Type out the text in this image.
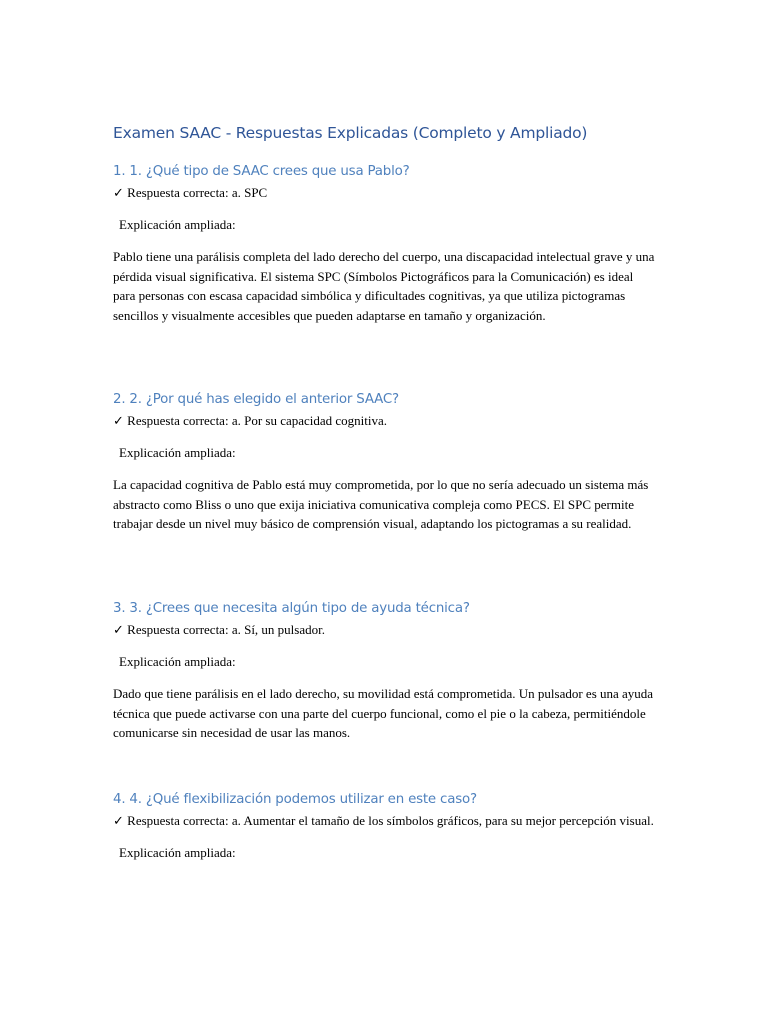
Examen SAAC - Respuestas Explicadas (Completo y Ampliado)
1. 1. ¿Qué tipo de SAAC crees que usa Pablo?

✓ Respuesta correcta: a. SPC

Explicación ampliada:

Pablo tiene una parálisis completa del lado derecho del cuerpo, una discapacidad intelectual grave y una pérdida visual significativa. El sistema SPC (Símbolos Pictográficos para la Comunicación) es ideal para personas con escasa capacidad simbólica y dificultades cognitivas, ya que utiliza pictogramas sencillos y visualmente accesibles que pueden adaptarse en tamaño y organización.

2. 2. ¿Por qué has elegido el anterior SAAC?

✓ Respuesta correcta: a. Por su capacidad cognitiva.

Explicación ampliada:

La capacidad cognitiva de Pablo está muy comprometida, por lo que no sería adecuado un sistema más abstracto como Bliss o uno que exija iniciativa comunicativa compleja como PECS. El SPC permite trabajar desde un nivel muy básico de comprensión visual, adaptando los pictogramas a su realidad.

3. 3. ¿Crees que necesita algún tipo de ayuda técnica?

✓ Respuesta correcta: a. Sí, un pulsador.

Explicación ampliada:

Dado que tiene parálisis en el lado derecho, su movilidad está comprometida. Un pulsador es una ayuda técnica que puede activarse con una parte del cuerpo funcional, como el pie o la cabeza, permitiéndole comunicarse sin necesidad de usar las manos.

4. 4. ¿Qué flexibilización podemos utilizar en este caso?

✓ Respuesta correcta: a. Aumentar el tamaño de los símbolos gráficos, para su mejor percepción visual.

Explicación ampliada:
